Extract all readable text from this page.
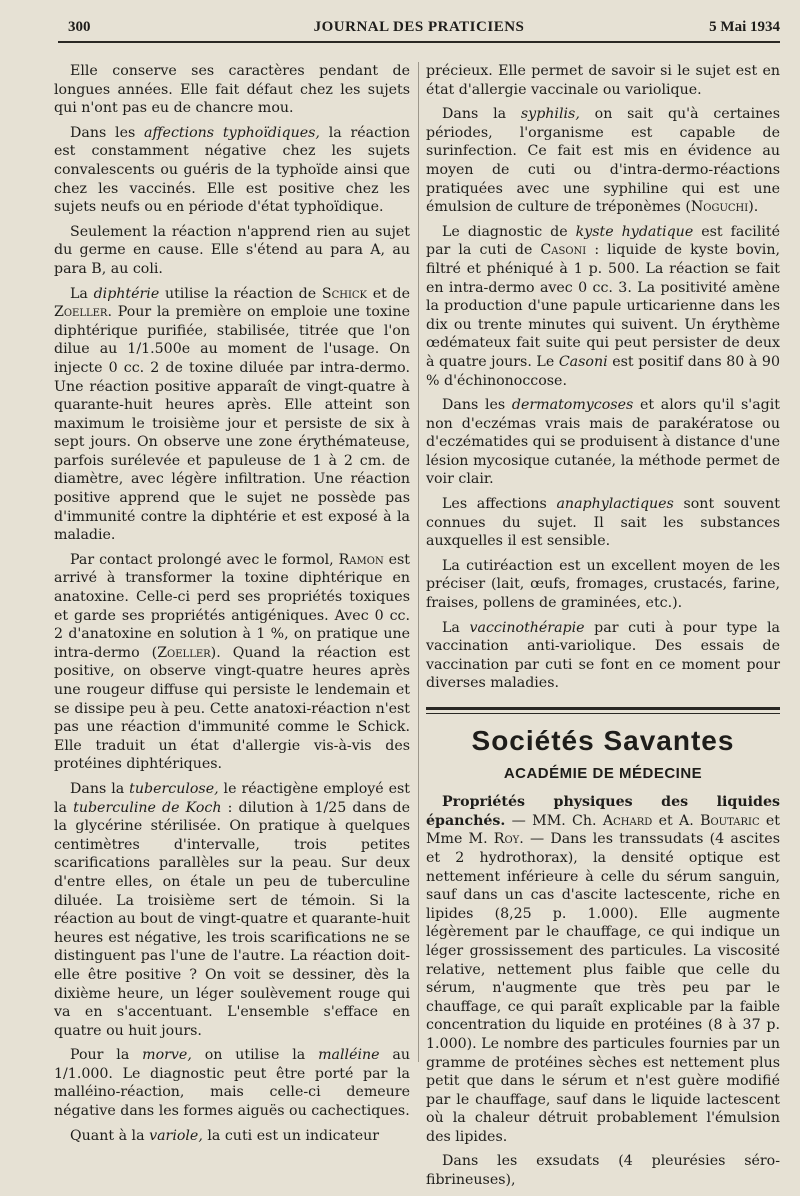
300	JOURNAL DES PRATICIENS	5 Mai 1934

Elle conserve ses caractères pendant de longues années. Elle fait défaut chez les sujets qui n'ont pas eu de chancre mou.

Dans les affections typhoïdiques, la réaction est constamment négative chez les sujets convalescents ou guéris de la typhoïde ainsi que chez les vaccinés. Elle est positive chez les sujets neufs ou en période d'état typhoïdique.

Seulement la réaction n'apprend rien au sujet du germe en cause. Elle s'étend au para A, au para B, au coli.

La diphtérie utilise la réaction de Schick et de Zoeller. Pour la première on emploie une toxine diphtérique purifiée, stabilisée, titrée que l'on dilue au 1/1.500e au moment de l'usage. On injecte 0 cc. 2 de toxine diluée par intra-dermo. Une réaction positive apparaît de vingt-quatre à quarante-huit heures après. Elle atteint son maximum le troisième jour et persiste de six à sept jours. On observe une zone érythémateuse, parfois surélevée et papuleuse de 1 à 2 cm. de diamètre, avec légère infiltration. Une réaction positive apprend que le sujet ne possède pas d'immunité contre la diphtérie et est exposé à la maladie.

Par contact prolongé avec le formol, Ramon est arrivé à transformer la toxine diphtérique en anatoxine. Celle-ci perd ses propriétés toxiques et garde ses propriétés antigéniques. Avec 0 cc. 2 d'anatoxine en solution à 1 %, on pratique une intra-dermo (Zoeller). Quand la réaction est positive, on observe vingt-quatre heures après une rougeur diffuse qui persiste le lendemain et se dissipe peu à peu. Cette anatoxi-réaction n'est pas une réaction d'immunité comme le Schick. Elle traduit un état d'allergie vis-à-vis des protéines diphtériques.

Dans la tuberculose, le réactigène employé est la tuberculine de Koch : dilution à 1/25 dans de la glycérine stérilisée. On pratique à quelques centimètres d'intervalle, trois petites scarifications parallèles sur la peau. Sur deux d'entre elles, on étale un peu de tuberculine diluée. La troisième sert de témoin. Si la réaction au bout de vingt-quatre et quarante-huit heures est négative, les trois scarifications ne se distinguent pas l'une de l'autre. La réaction doit-elle être positive ? On voit se dessiner, dès la dixième heure, un léger soulèvement rouge qui va en s'accentuant. L'ensemble s'efface en quatre ou huit jours.

Pour la morve, on utilise la malléine au 1/1.000. Le diagnostic peut être porté par la malléino-réaction, mais celle-ci demeure négative dans les formes aiguës ou cachectiques.

Quant à la variole, la cuti est un indicateur

précieux. Elle permet de savoir si le sujet est en état d'allergie vaccinale ou variolique.

Dans la syphilis, on sait qu'à certaines périodes, l'organisme est capable de surinfection. Ce fait est mis en évidence au moyen de cuti ou d'intra-dermo-réactions pratiquées avec une syphiline qui est une émulsion de culture de tréponèmes (Noguchi).

Le diagnostic de kyste hydatique est facilité par la cuti de Casoni : liquide de kyste bovin, filtré et phéniqué à 1 p. 500. La réaction se fait en intra-dermo avec 0 cc. 3. La positivité amène la production d'une papule urticarienne dans les dix ou trente minutes qui suivent. Un érythème œdémateux fait suite qui peut persister de deux à quatre jours. Le Casoni est positif dans 80 à 90 % d'échinonoccose.

Dans les dermatomycoses et alors qu'il s'agit non d'eczémas vrais mais de parakératose ou d'eczématides qui se produisent à distance d'une lésion mycosique cutanée, la méthode permet de voir clair.

Les affections anaphylactiques sont souvent connues du sujet. Il sait les substances auxquelles il est sensible.

La cutiréaction est un excellent moyen de les préciser (lait, œufs, fromages, crustacés, farine, fraises, pollens de graminées, etc.).

La vaccinothérapie par cuti à pour type la vaccination anti-variolique. Des essais de vaccination par cuti se font en ce moment pour diverses maladies.

Sociétés Savantes
ACADÉMIE DE MÉDECINE

Propriétés physiques des liquides épanchés. — MM. Ch. Achard et A. Boutaric et Mme M. Roy. — Dans les transsudats (4 ascites et 2 hydrothorax), la densité optique est nettement inférieure à celle du sérum sanguin, sauf dans un cas d'ascite lactescente, riche en lipides (8,25 p. 1.000). Elle augmente légèrement par le chauffage, ce qui indique un léger grossissement des particules. La viscosité relative, nettement plus faible que celle du sérum, n'augmente que très peu par le chauffage, ce qui paraît explicable par la faible concentration du liquide en protéines (8 à 37 p. 1.000). Le nombre des particules fournies par un gramme de protéines sèches est nettement plus petit que dans le sérum et n'est guère modifié par le chauffage, sauf dans le liquide lactescent où la chaleur détruit probablement l'émulsion des lipides.

Dans les exsudats (4 pleurésies séro-fibrineuses),
